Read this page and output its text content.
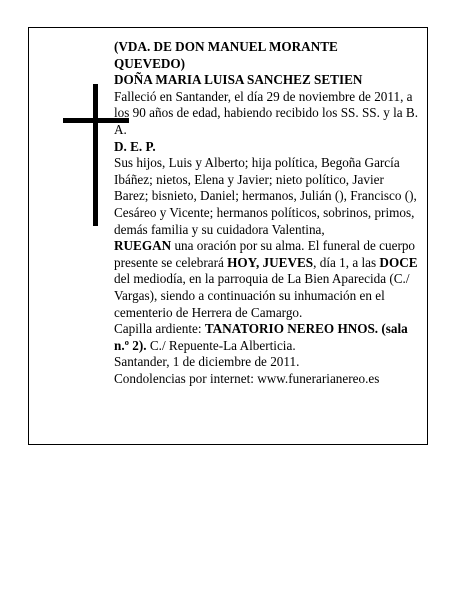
(VDA. DE DON MANUEL MORANTE

QUEVEDO)

DOÑA MARIA LUISA SANCHEZ SETIEN

Falleció en Santander, el día 29 de noviembre de 2011, a los 90 años de edad, habiendo recibido los SS. SS. y la B. A.

D. E. P.

Sus hijos, Luis y Alberto; hija política, Begoña García Ibáñez; nietos, Elena y Javier; nieto político, Javier Barez; bisnieto, Daniel; hermanos, Julián (), Francisco (), Cesáreo y Vicente; hermanos políticos, sobrinos, primos, demás familia y su cuidadora Valentina,
RUEGAN una oración por su alma. El funeral de cuerpo presente se celebrará HOY, JUEVES, día 1, a las DOCE del mediodía, en la parroquia de La Bien Aparecida (C./ Vargas), siendo a continuación su inhumación en el cementerio de Herrera de Camargo.

Capilla ardiente: TANATORIO NEREO HNOS. (sala n.º 2). C./ Repuente-La Alberticia.

Santander, 1 de diciembre de 2011.

Condolencias por internet: www.funerarianereo.es
